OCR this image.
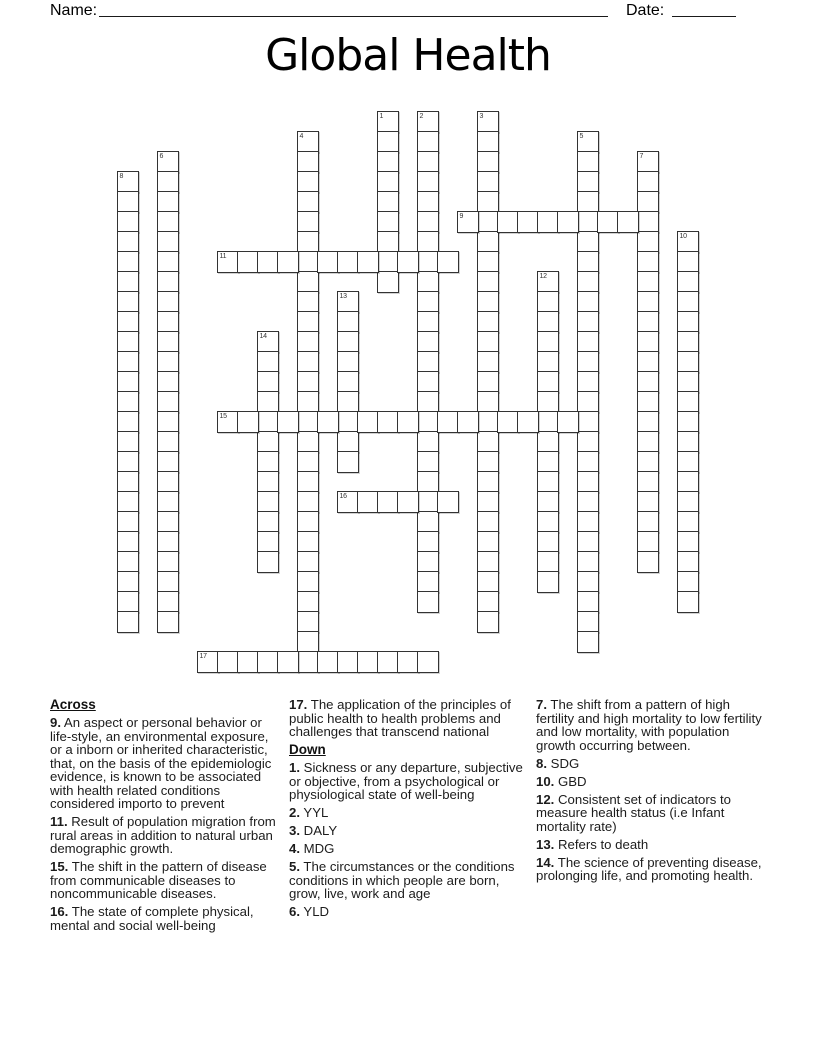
Name:	Date:
Global Health
1	2	3
4	5
6	7
8
9
10
11
12
13
14
15
16
17
Across

9. An aspect or personal behavior or life-style, an environmental exposure, or a inborn or inherited characteristic, that, on the basis of the epidemiologic evidence, is known to be associated with health related conditions considered importo to prevent

11. Result of population migration from rural areas in addition to natural urban demographic growth.

15. The shift in the pattern of disease from communicable diseases to noncommunicable diseases.

16. The state of complete physical, mental and social well-being

17. The application of the principles of public health to health problems and challenges that transcend national

Down

1. Sickness or any departure, subjective or objective, from a psychological or physiological state of well-being

2. YYL

3. DALY

4. MDG

5. The circumstances or the conditions conditions in which people are born, grow, live, work and age

6. YLD

7. The shift from a pattern of high fertility and high mortality to low fertility and low mortality, with population growth occurring between.

8. SDG

10. GBD

12. Consistent set of indicators to measure health status (i.e Infant mortality rate)

13. Refers to death

14. The science of preventing disease, prolonging life, and promoting health.
